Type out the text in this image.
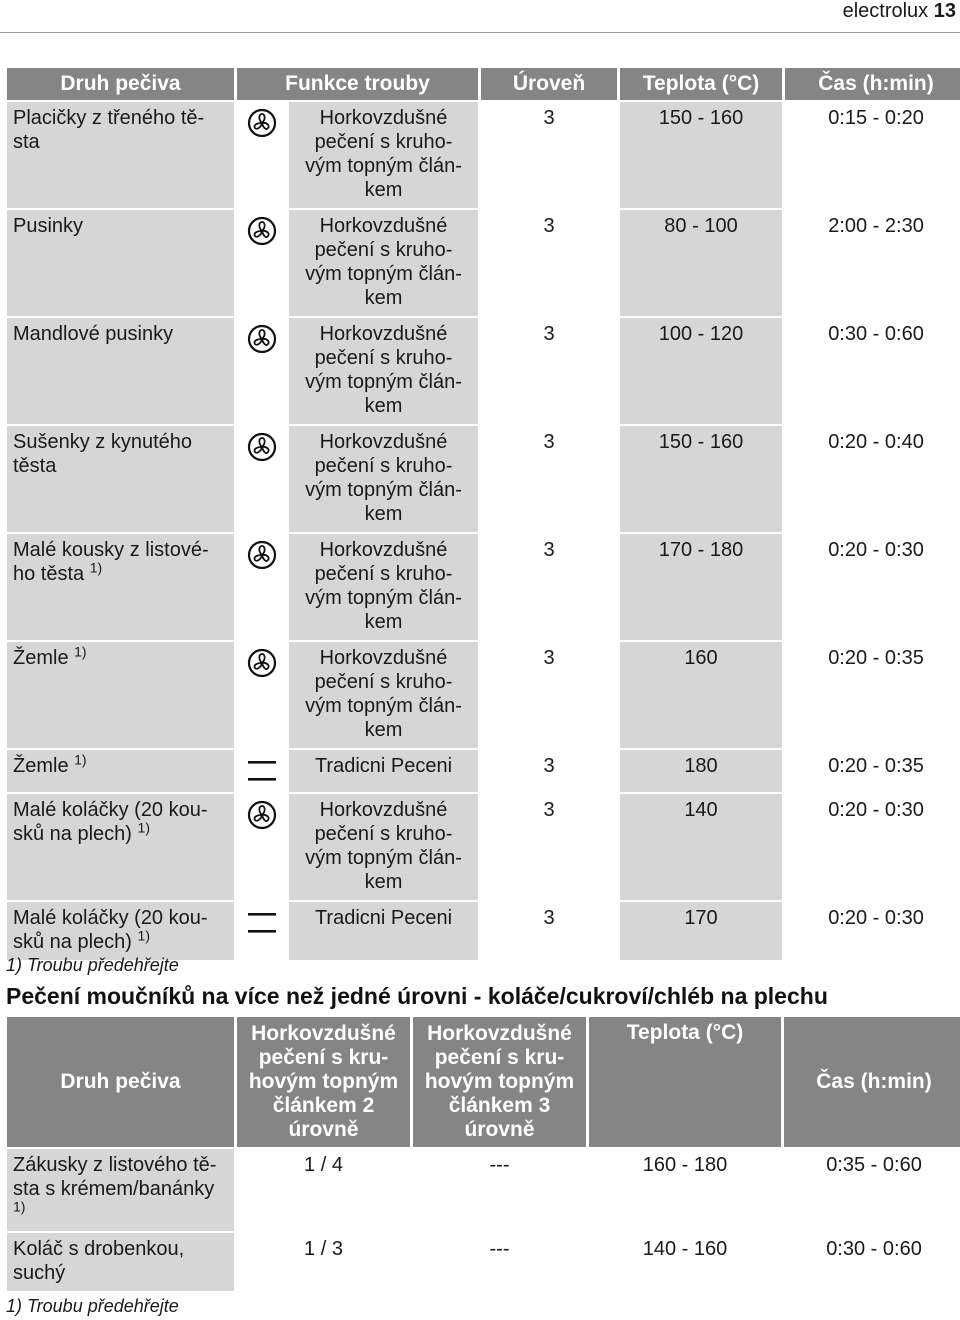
electrolux 13
Druh pečiva	Funkce trouby		Úroveň	Teplota (°C)	Čas (h:min)
Placičky z třeného tě-sta		Horkovzdušné pečení s kruho-vým topným člán-kem	3	150 - 160	0:15 - 0:20
Pusinky		Horkovzdušné pečení s kruho-vým topným člán-kem	3	80 - 100	2:00 - 2:30
Mandlové pusinky		Horkovzdušné pečení s kruho-vým topným člán-kem	3	100 - 120	0:30 - 0:60
Sušenky z kynutého těsta		Horkovzdušné pečení s kruho-vým topným člán-kem	3	150 - 160	0:20 - 0:40
Malé kousky z listové-ho těsta $^{1)}$		Horkovzdušné pečení s kruho-vým topným člán-kem	3	170 - 180	0:20 - 0:30
Žemle $^{1)}$		Horkovzdušné pečení s kruho-vým topným člán-kem	3	160	0:20 - 0:35
Žemle $^{1)}$		Tradicni Peceni	3	180	0:20 - 0:35
Malé koláčky (20 kou-sků na plech) $^{1)}$		Horkovzdušné pečení s kruho-vým topným člán-kem	3	140	0:20 - 0:30
Malé koláčky (20 kou-sků na plech) $^{1)}$		Tradicni Peceni	3	170	0:20 - 0:30
1) Troubu předehřejte
Pečení moučníků na více než jedné úrovni - koláče/cukroví/chléb na plechu
Druh pečiva	Horkovzdušné pečení s kru-hovým topným článkem 2 úrovně	Horkovzdušné pečení s kru-hovým topným článkem 3 úrovně	Teplota (°C)	Čas (h:min)
Zákusky z listového tě-sta s krémem/banánky $^{1)}$	1 / 4	---	160 - 180	0:35 - 0:60
Koláč s drobenkou, suchý	1 / 3	---	140 - 160	0:30 - 0:60
1) Troubu předehřejte
